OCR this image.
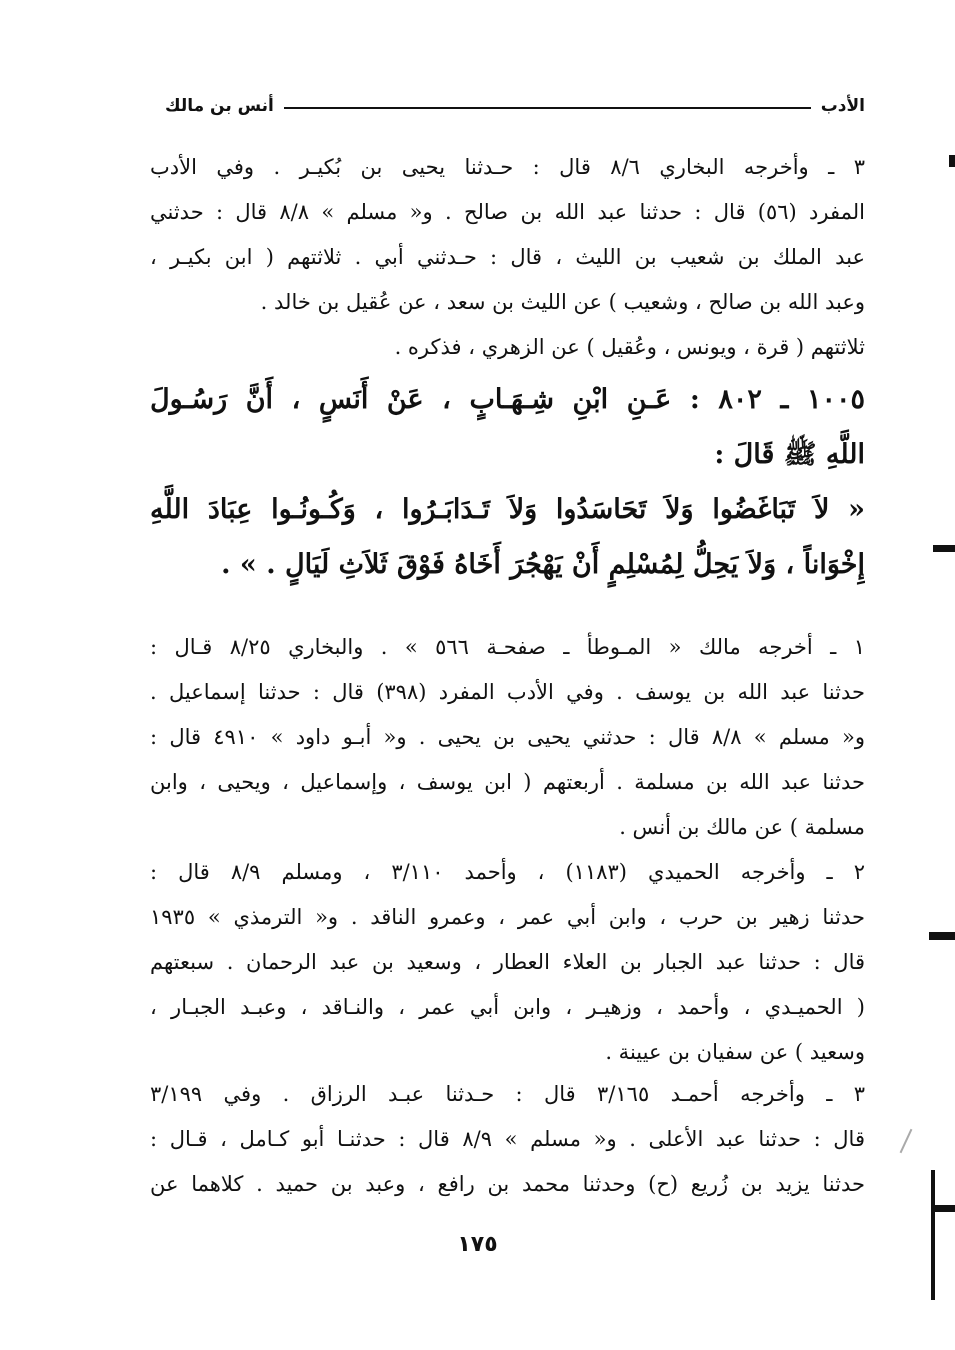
الأدب
أنس بن مالك
٣ ـ وأخرجه البخاري ٨/٦ قال : حـدثنا يحيى بن بُكيـر . وفي الأدب
المفرد (٥٦) قال : حدثنا عبد الله بن صالح . و« مسلم » ٨/٨ قال : حدثني
عبد الملك بن شعيب بن الليث ، قال : حـدثني أبي . ثلاثتهم ( ابن بكيـر ،
وعبد الله بن صالح ، وشعيب ) عن الليث بن سعد ، عن عُقيل بن خالد .
ثلاثتهم ( قرة ، ويونس ، وعُقيل ) عن الزهري ، فذكره .
١٠٠٥ ـ ٨٠٢ : عَـنِ ابْنِ شِـهَـابٍ ، عَنْ أَنَسٍ ، أَنَّ رَسُـولَ
اللَّهِ ﷺ قَالَ :
« لاَ تَبَاغَضُوا وَلاَ تَحَاسَدُوا وَلاَ تَـدَابَـرُوا ، وَكُـونُـوا عِبَادَ اللَّهِ
إِخْوَاناً ، وَلاَ يَحِلُّ لِمُسْلِمٍ أَنْ يَهْجُرَ أَخَاهُ فَوْقَ ثَلاَثِ لَيَالٍ . » .
١ ـ أخرجه مالك « المـوطأ ـ صفحـة ٥٦٦ » . والبخاري ٨/٢٥ قـال :
حدثنا عبد الله بن يوسف . وفي الأدب المفرد (٣٩٨) قال : حدثنا إسماعيل .
و« مسلم » ٨/٨ قال : حدثني يحيى بن يحيى . و« أبـو داود » ٤٩١٠ قال :
حدثنا عبد الله بن مسلمة . أربعتهم ( ابن يوسف ، وإسماعيل ، ويحيى ، وابن
مسلمة ) عن مالك بن أنس .
٢ ـ وأخرجه الحميدي (١١٨٣) ، وأحمد ٣/١١٠ ، ومسلم ٨/٩ قال :
حدثنا زهير بن حرب ، وابن أبي عمر ، وعمرو الناقد . و« الترمذي » ١٩٣٥
قال : حدثنا عبد الجبار بن العلاء العطار ، وسعيد بن عبد الرحمان . سبعتهم
( الحميـدي ، وأحمد ، وزهيـر ، وابن أبي عمر ، والنـاقد ، وعبـد الجبـار ،
وسعيد ) عن سفيان بن عيينة .
٣ ـ وأخرجه أحمـد ٣/١٦٥ قال : حـدثنا عبـد الرزاق . وفي ٣/١٩٩
قال : حدثنا عبد الأعلى . و« مسلم » ٨/٩ قال : حدثنـا أبو كـامل ، قـال :
حدثنا يزيد بن زُريع (ح) وحدثنا محمد بن رافع ، وعبد بن حميد . كلاهما عن
١٧٥
